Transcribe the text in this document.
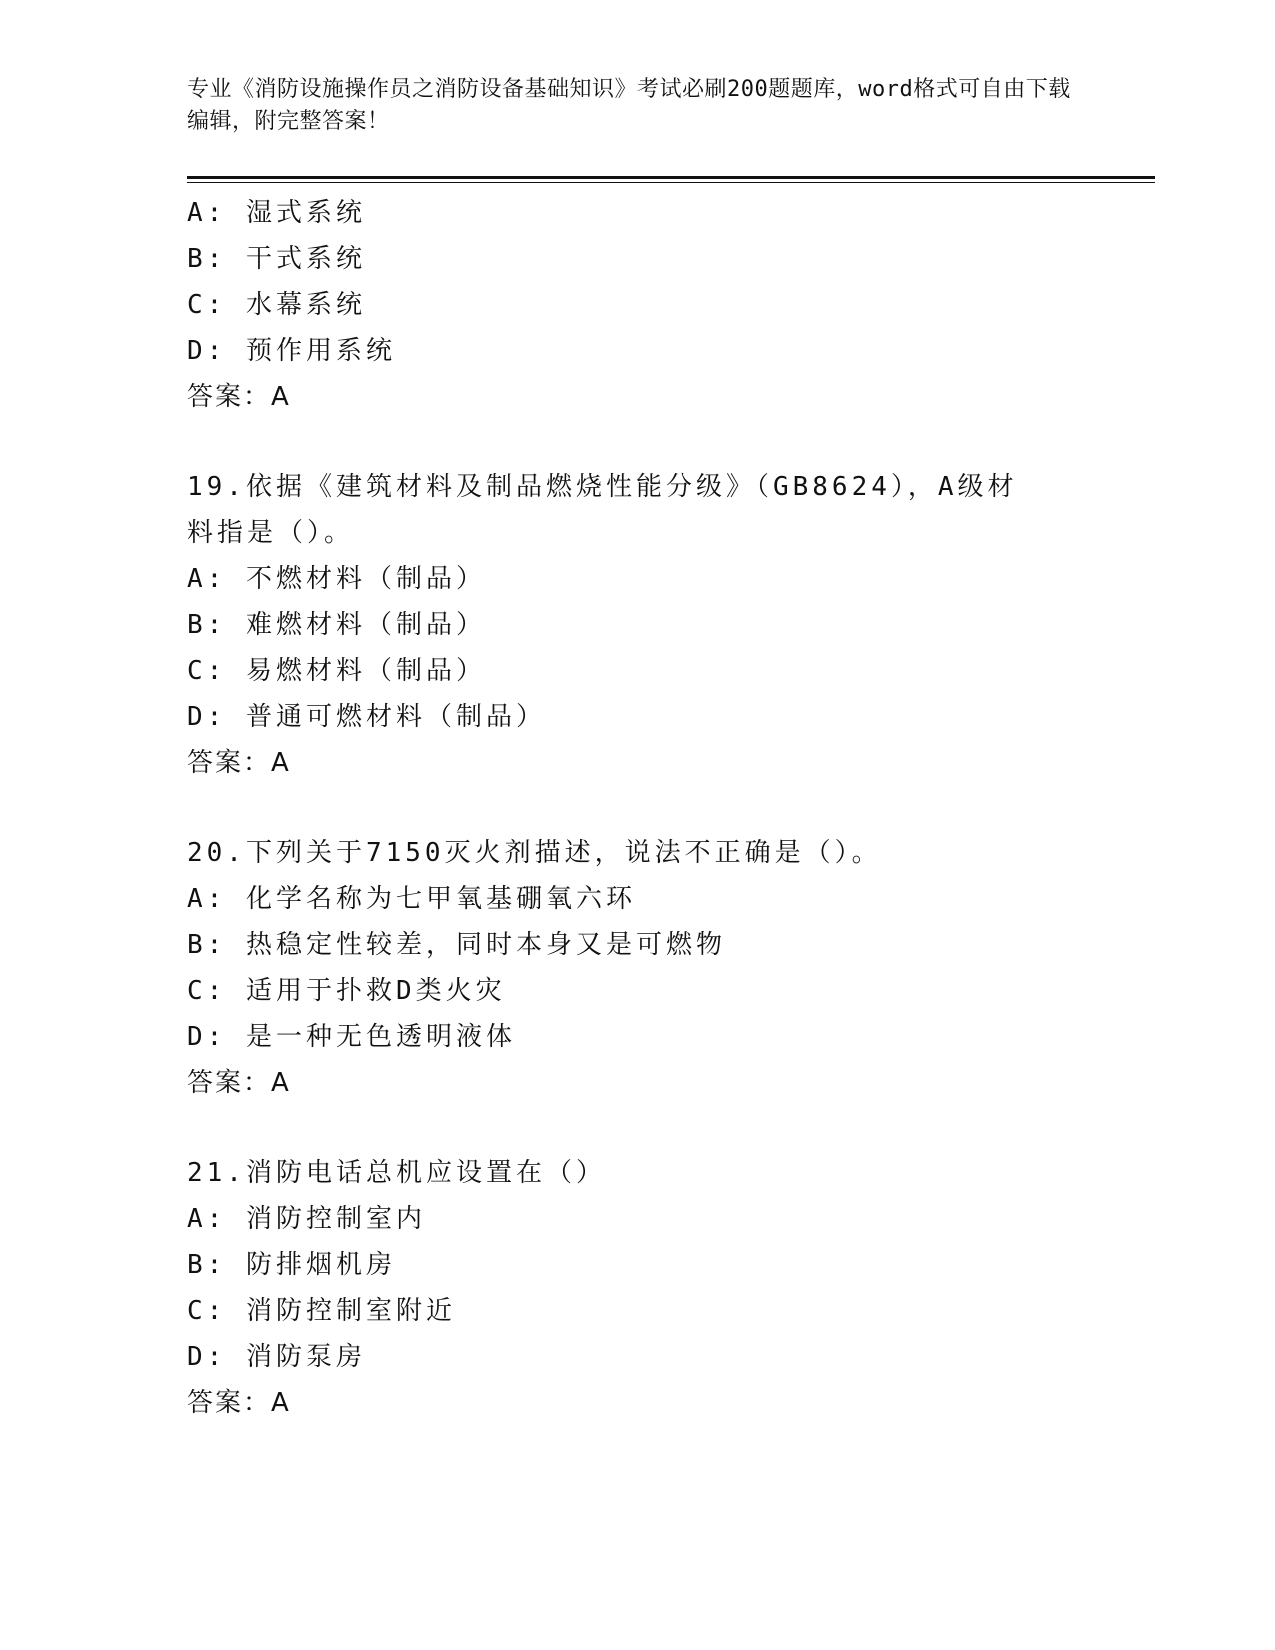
专业《消防设施操作员之消防设备基础知识》考试必刷200题题库，word格式可自由下载编辑，附完整答案！
A: 湿式系统
B: 干式系统
C: 水幕系统
D: 预作用系统
答案：A
19.依据《建筑材料及制品燃烧性能分级》（GB8624），A级材料指是（）。
A: 不燃材料（制品）
B: 难燃材料（制品）
C: 易燃材料（制品）
D: 普通可燃材料（制品）
答案：A
20.下列关于7150灭火剂描述，说法不正确是（）。
A: 化学名称为七甲氧基硼氧六环
B: 热稳定性较差，同时本身又是可燃物
C: 适用于扑救D类火灾
D: 是一种无色透明液体
答案：A
21.消防电话总机应设置在（）
A: 消防控制室内
B: 防排烟机房
C: 消防控制室附近
D: 消防泵房
答案：A
